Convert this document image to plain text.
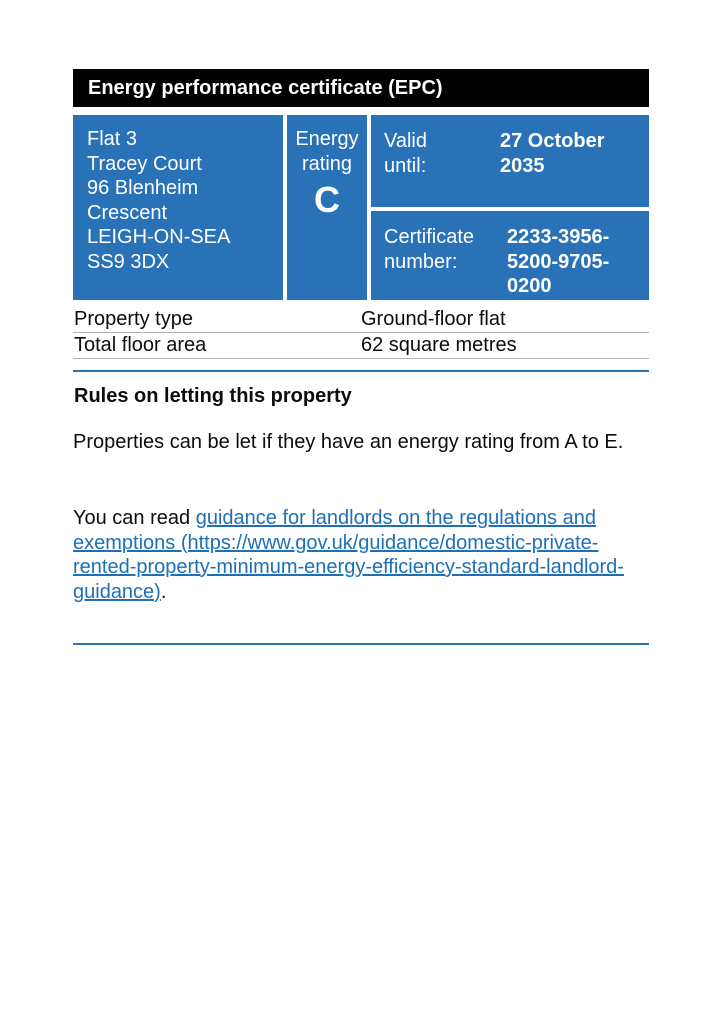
Energy performance certificate (EPC)
Flat 3
Tracey Court
96 Blenheim
Crescent
LEIGH-ON-SEA
SS9 3DX
Energy
rating
C
Valid
until:
27 October
2035
Certificate
number:
2233-3956-
5200-9705-
0200
Property type	Ground-floor flat
Total floor area	62 square metres
Rules on letting this property
Properties can be let if they have an energy rating from A to E.
You can read guidance for landlords on the regulations and exemptions (https://www.gov.uk/guidance/domestic-private-rented-property-minimum-energy-efficiency-standard-landlord-guidance).
